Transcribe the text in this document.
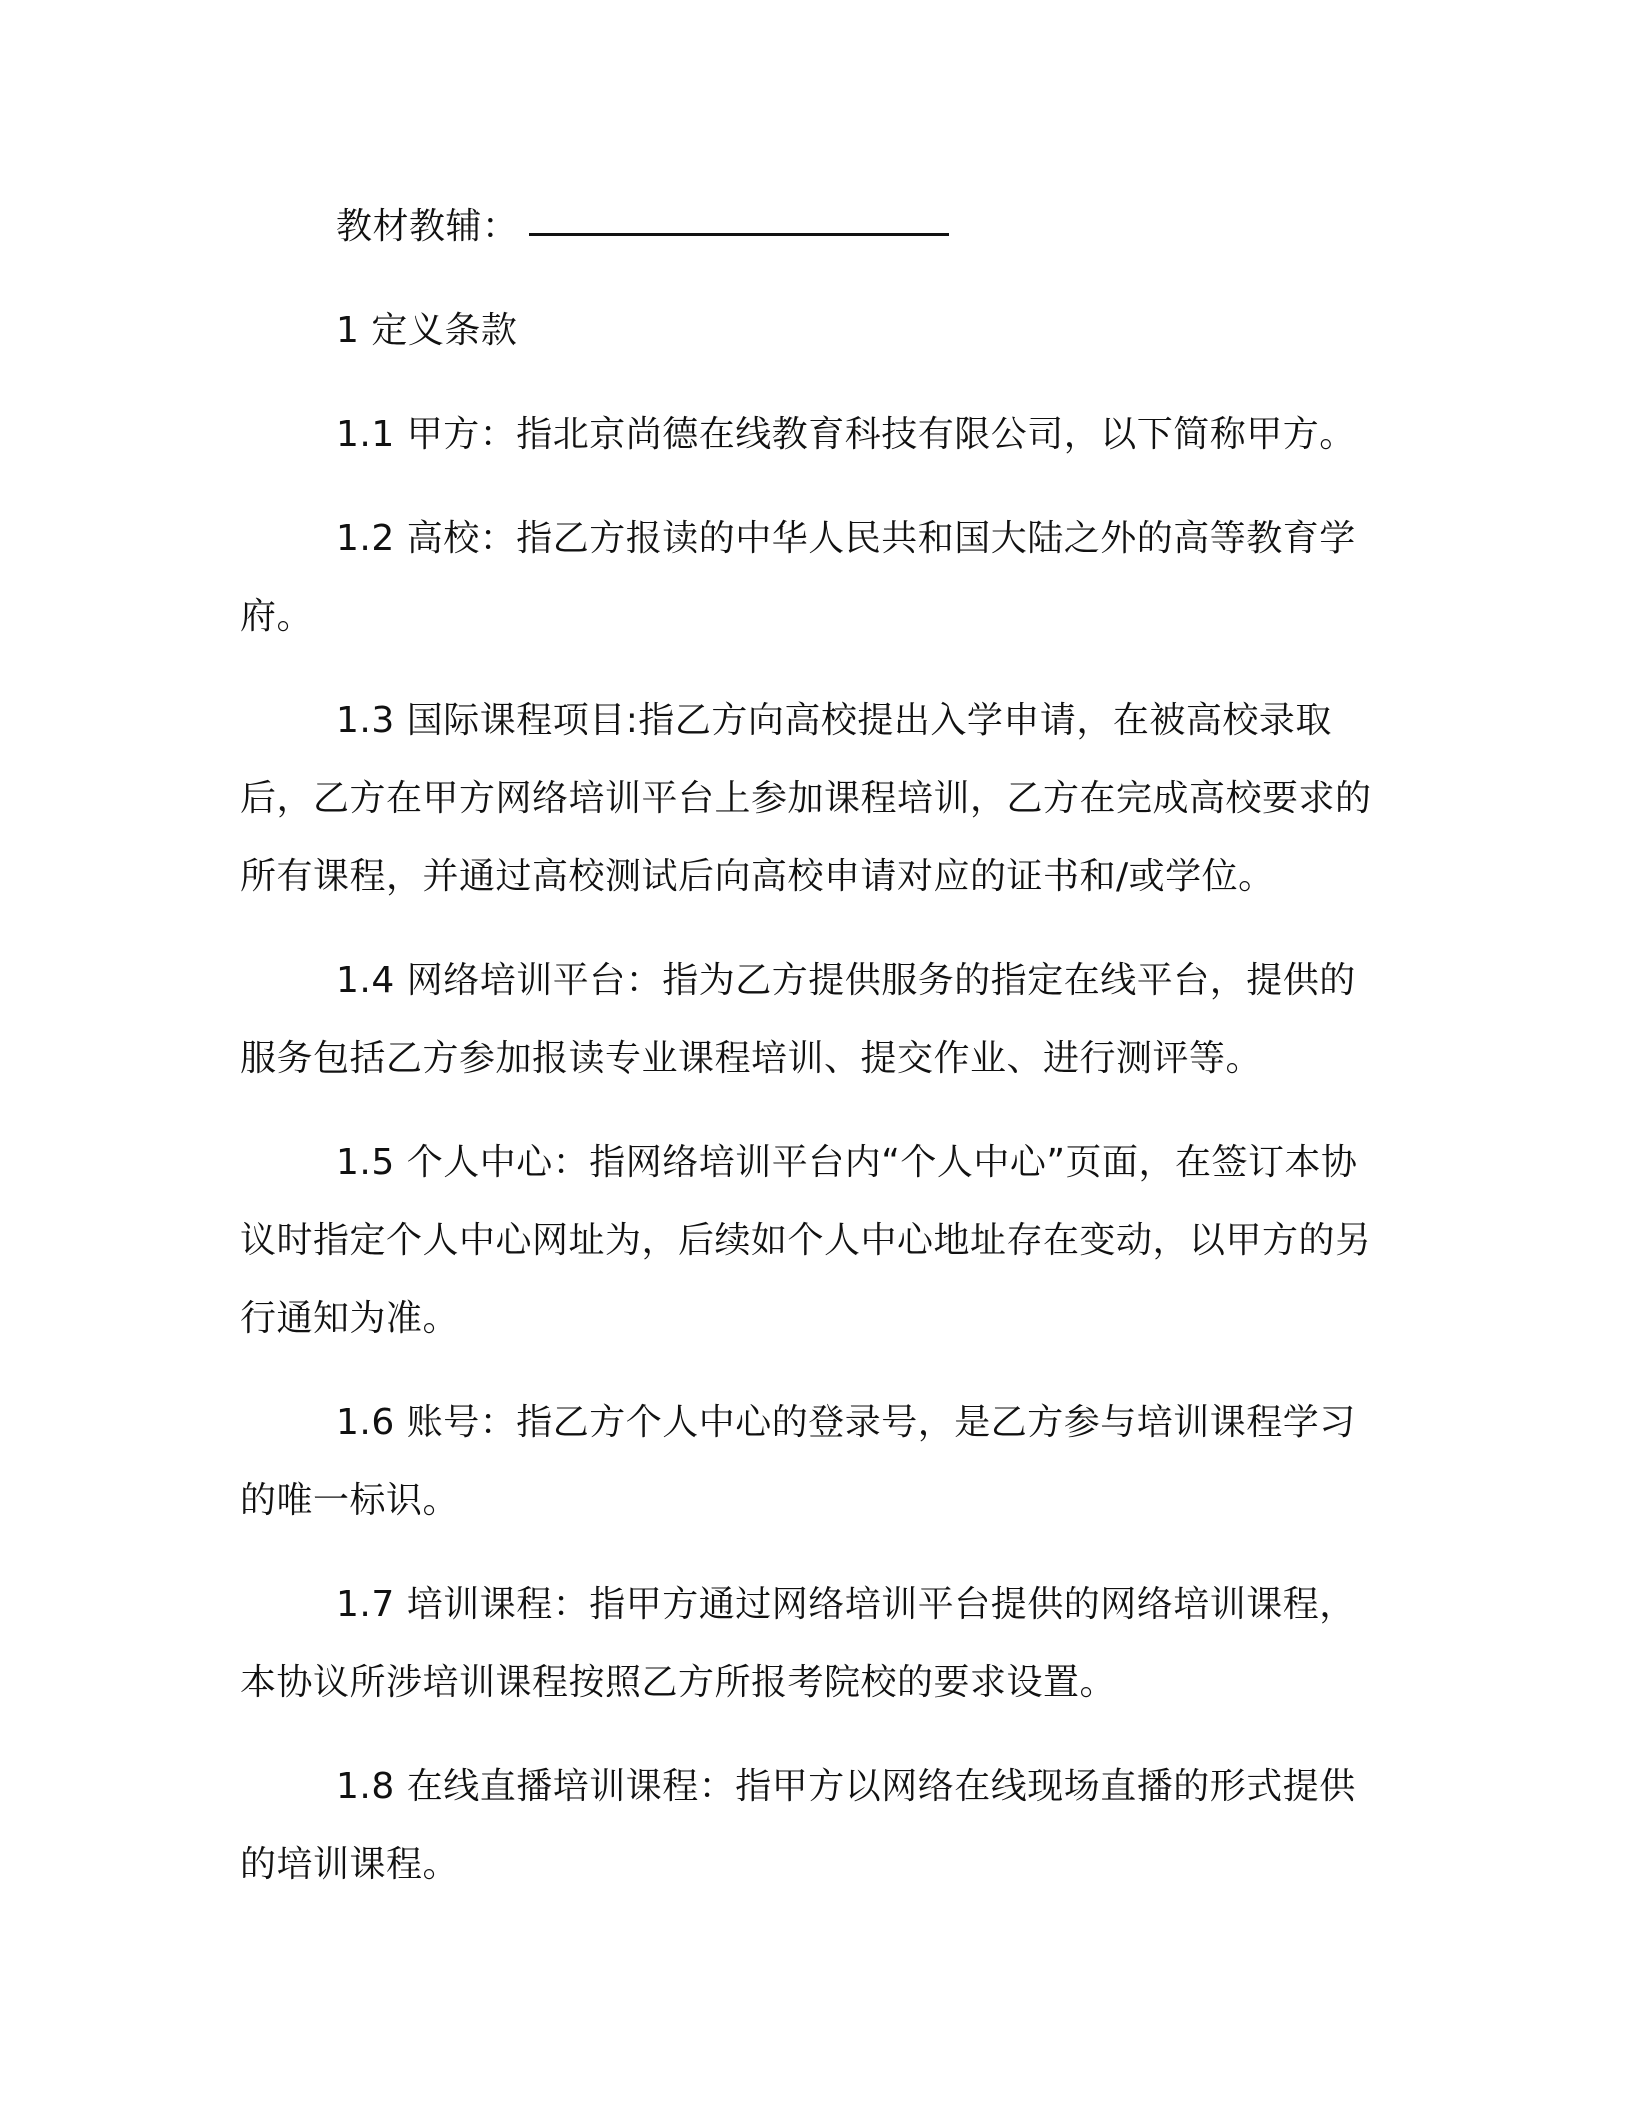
教材教辅：

1 定义条款

1.1 甲方：指北京尚德在线教育科技有限公司，以下简称甲方。

1.2 高校：指乙方报读的中华人民共和国大陆之外的高等教育学府。

1.3 国际课程项目:指乙方向高校提出入学申请，在被高校录取后，乙方在甲方网络培训平台上参加课程培训，乙方在完成高校要求的所有课程，并通过高校测试后向高校申请对应的证书和/或学位。

1.4 网络培训平台：指为乙方提供服务的指定在线平台，提供的服务包括乙方参加报读专业课程培训、提交作业、进行测评等。

1.5 个人中心：指网络培训平台内“个人中心”页面，在签订本协议时指定个人中心网址为，后续如个人中心地址存在变动，以甲方的另行通知为准。

1.6 账号：指乙方个人中心的登录号，是乙方参与培训课程学习的唯一标识。

1.7 培训课程：指甲方通过网络培训平台提供的网络培训课程，本协议所涉培训课程按照乙方所报考院校的要求设置。

1.8 在线直播培训课程：指甲方以网络在线现场直播的形式提供的培训课程。
